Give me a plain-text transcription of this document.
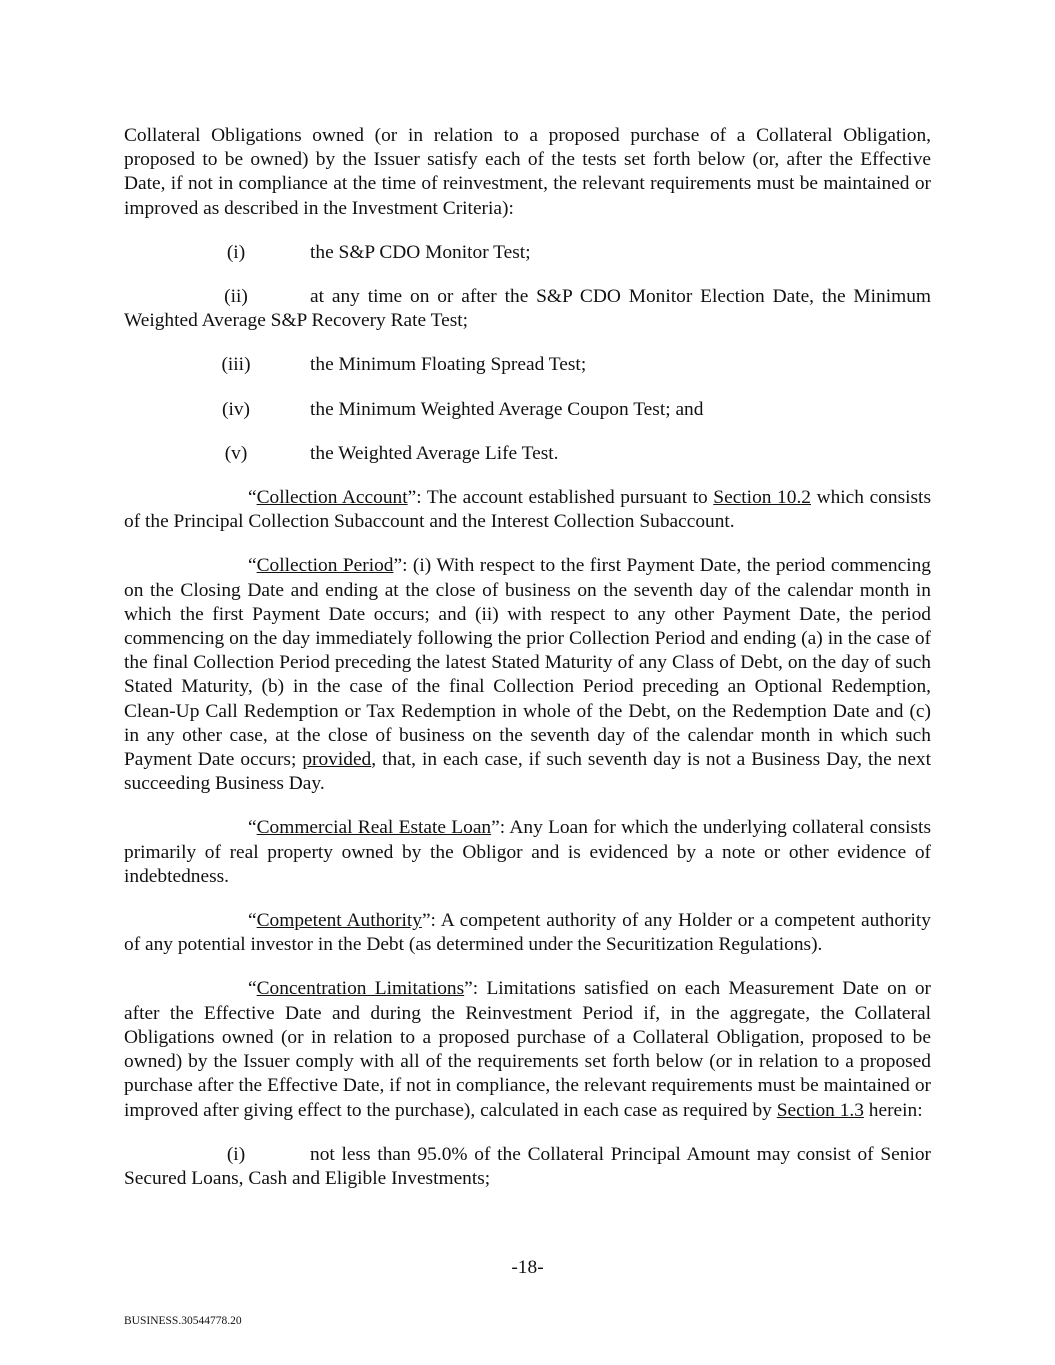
Collateral Obligations owned (or in relation to a proposed purchase of a Collateral Obligation, proposed to be owned) by the Issuer satisfy each of the tests set forth below (or, after the Effective Date, if not in compliance at the time of reinvestment, the relevant requirements must be maintained or improved as described in the Investment Criteria):

(i)	the S&P CDO Monitor Test;

(ii)	at any time on or after the S&P CDO Monitor Election Date, the Minimum Weighted Average S&P Recovery Rate Test;

(iii)	the Minimum Floating Spread Test;
(iv)	the Minimum Weighted Average Coupon Test; and
(v)	the Weighted Average Life Test.

“Collection Account”: The account established pursuant to Section 10.2 which consists of the Principal Collection Subaccount and the Interest Collection Subaccount.

“Collection Period”: (i) With respect to the first Payment Date, the period commencing on the Closing Date and ending at the close of business on the seventh day of the calendar month in which the first Payment Date occurs; and (ii) with respect to any other Payment Date, the period commencing on the day immediately following the prior Collection Period and ending (a) in the case of the final Collection Period preceding the latest Stated Maturity of any Class of Debt, on the day of such Stated Maturity, (b) in the case of the final Collection Period preceding an Optional Redemption, Clean-Up Call Redemption or Tax Redemption in whole of the Debt, on the Redemption Date and (c) in any other case, at the close of business on the seventh day of the calendar month in which such Payment Date occurs; provided, that, in each case, if such seventh day is not a Business Day, the next succeeding Business Day.

“Commercial Real Estate Loan”: Any Loan for which the underlying collateral consists primarily of real property owned by the Obligor and is evidenced by a note or other evidence of indebtedness.

“Competent Authority”: A competent authority of any Holder or a competent authority of any potential investor in the Debt (as determined under the Securitization Regulations).

“Concentration Limitations”: Limitations satisfied on each Measurement Date on or after the Effective Date and during the Reinvestment Period if, in the aggregate, the Collateral Obligations owned (or in relation to a proposed purchase of a Collateral Obligation, proposed to be owned) by the Issuer comply with all of the requirements set forth below (or in relation to a proposed purchase after the Effective Date, if not in compliance, the relevant requirements must be maintained or improved after giving effect to the purchase), calculated in each case as required by Section 1.3 herein:

(i)	not less than 95.0% of the Collateral Principal Amount may consist of Senior Secured Loans, Cash and Eligible Investments;

-18-
BUSINESS.30544778.20
